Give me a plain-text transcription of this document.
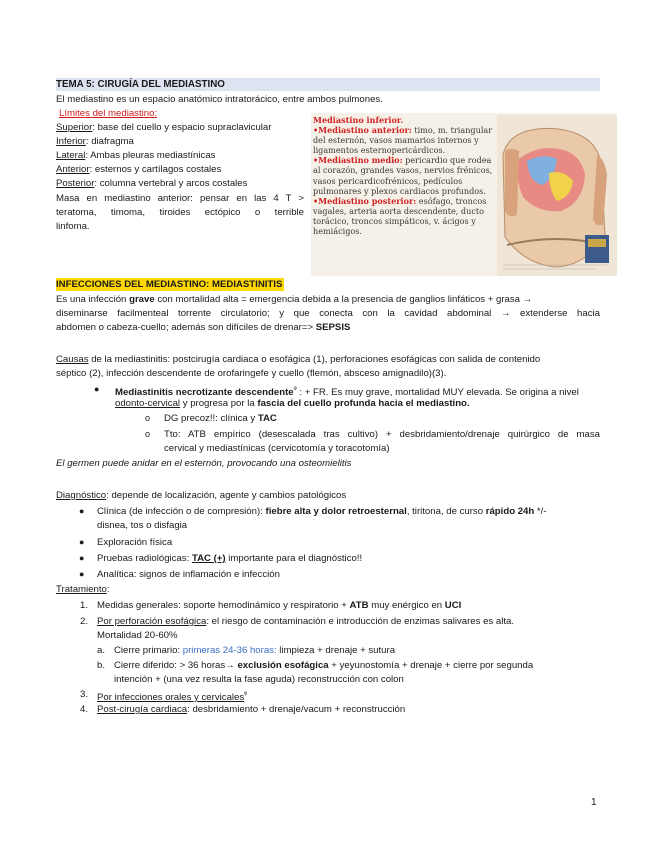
TEMA 5: CIRUGÍA DEL MEDIASTINO
El mediastino es un espacio anatómico intratorácico, entre ambos pulmones.
Límites del mediastino:
Superior: base del cuello y espacio supraclavicular
Inferior: diafragma
Lateral: Ambas pleuras mediastínicas
Anterior: esternos y cartílagos costales
Posterior: columna vertebral y arcos costales
Masa en mediastino anterior: pensar en las 4 T >
teratoma, timoma, tiroides ectópico o terrible
linfoma.
Mediastino inferior.
•Mediastino anterior: timo, m. triangular del esternón, vasos mamarios internos y ligamentos esternopericárdicos.
•Mediastino medio: pericardio que rodea al corazón, grandes vasos, nervios frénicos, vasos pericardicofrénicos, pedículos pulmonares y plexos cardiacos profundos.
•Mediastino posterior: esófago, troncos vagales, arteria aorta descendente, ducto torácico, troncos simpáticos, v. ácigos y hemiácigos.
INFECCIONES DEL MEDIASTINO: MEDIASTINITIS
Es una infección grave con mortalidad alta = emergencia debida a la presencia de ganglios linfáticos + grasa →
diseminarse facilmenteal torrente circulatorio; y que conecta con la cavidad abdominal → extenderse hacia
abdomen o cabeza-cuello; además son difíciles de drenar=> SEPSIS
Causas de la mediastinitis: postcirugía cardiaca o esofágica (1), perforaciones esofágicas con salida de contenido
séptico (2), infección descendente de orofaringefe y cuello (flemón, absceso amignadilo)(3).
● Mediastinitis necrotizante descendente$^ᵠ$ : + FR. Es muy grave, mortalidad MUY elevada. Se origina a nivel
odonto-cervical y progresa por la fascia del cuello profunda hacia el mediastino.
o DG precoz!!: clínica y TAC
o Tto: ATB empírico (desescalada tras cultivo) + desbridamiento/drenaje quirúrgico de masa
cervical y mediastínicas (cervicotomía y toracotomía)
El germen puede anidar en el esternón, provocando una osteomielitis
Diagnóstico: depende de localización, agente y cambios patológicos
● Clínica (de infección o de compresión): fiebre alta y dolor retroesternal, tiritona, de curso rápido 24h */-
disnea, tos o disfagia
● Exploración física
● Pruebas radiológicas: TAC (+) importante para el diagnóstico!!
● Analítica: signos de inflamación e infección
Tratamiento:
1. Medidas generales: soporte hemodinámico y respiratorio + ATB muy enérgico en UCI
2. Por perforación esofágica: el riesgo de contaminación e introducción de enzimas salivares es alta.
Mortalidad 20-60%
a. Cierre primario: primeras 24-36 horas: limpieza + drenaje + sutura
b. Cierre diferido: > 36 horas→ exclusión esofágica + yeyunostomía + drenaje + cierre por segunda
intención + (una vez resulta la fase aguda) reconstrucción con colon
3. Por infecciones orales y cervicales$^ᵠ$
4. Post-cirugía cardiaca: desbridamiento + drenaje/vacum + reconstrucción
1
